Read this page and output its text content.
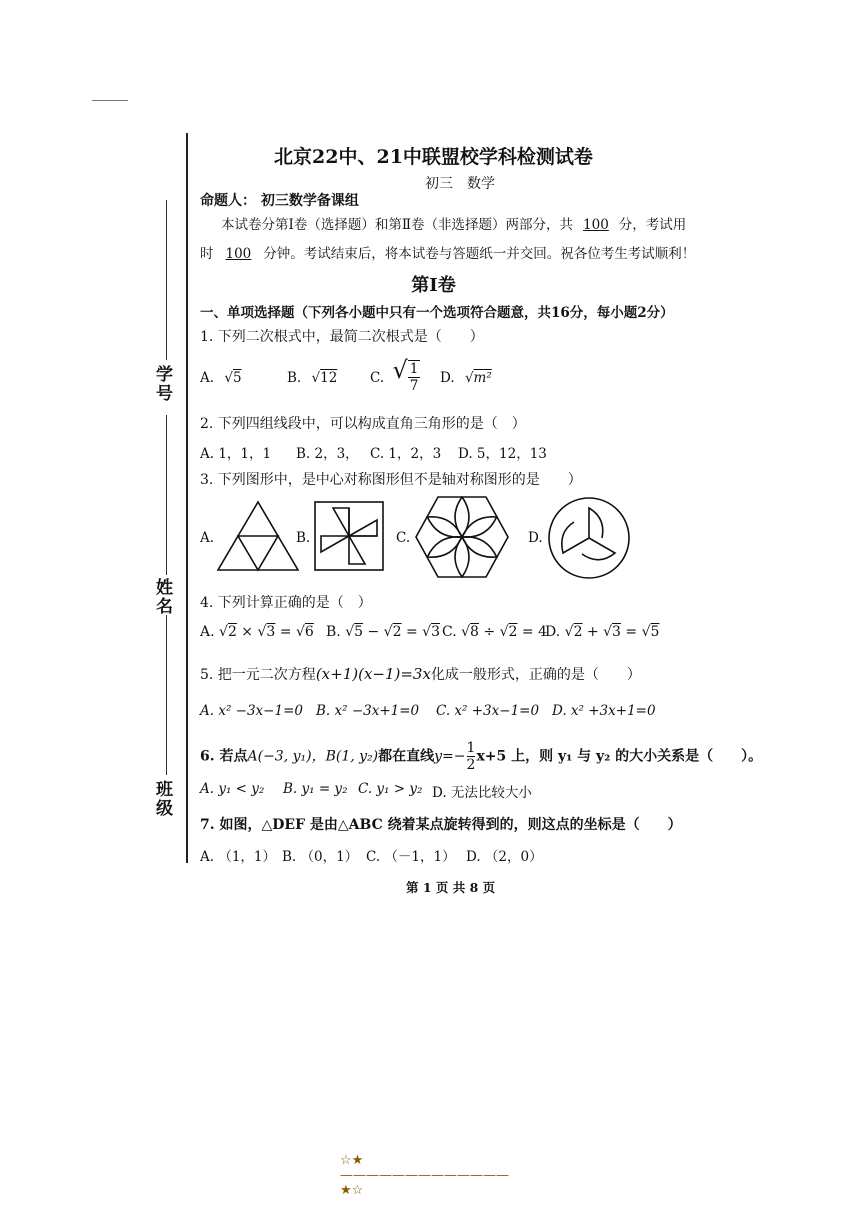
学号
姓名
班级
北京22中、21中联盟校学科检测试卷
初三　数学
命题人： 初三数学备课组
本试卷分第Ⅰ卷（选择题）和第Ⅱ卷（非选择题）两部分，共 100 分，考试用
时 100 分钟。考试结束后，将本试卷与答题纸一并交回。祝各位考生考试顺利！
第Ⅰ卷
一、单项选择题（下列各小题中只有一个选项符合题意，共16分，每小题2分）
1. 下列二次根式中，最简二次根式是（　　）
A. √5	B. √12 C. √ $\frac{1}{7} D$. √m²
2. 下列四组线段中，可以构成直角三角形的是（　）
A. 1，1，1 B. 2，3， C. 1，2，3 D. 5，12，13
3. 下列图形中，是中心对称图形但不是轴对称图形的是　　）
A.	B.	C.	D.
4. 下列计算正确的是（　）
A. √2 × √3 = √6 B. √5 − √2 = √3 C. √8 ÷ √2 = 4
D. √2 + √3 = √5
5. 把一元二次方程(x+1)(x−1)=3x化成一般形式，正确的是（　　）
A. x² −3x−1=0 B. x² −3x+1=0 C. x² +3x−1=0 D. x² +3x+1=0
6. 若点A(−3, y₁)，B(1, y₂)都在直线$y=- \frac{1}{2} x+5$ 上，则 y₁ 与 y₂ 的大小关系是（　　）。
A. y₁ < y₂ B. y₁ = y₂ C. y₁ > y₂ D. 无法比较大小
7. 如图，△DEF 是由△ABC 绕着某点旋转得到的，则这点的坐标是（　　）
A. （1，1） B. （0，1） C. （－1，1） D. （2，0）
第 1 页 共 8 页
☆★—————————————★☆
